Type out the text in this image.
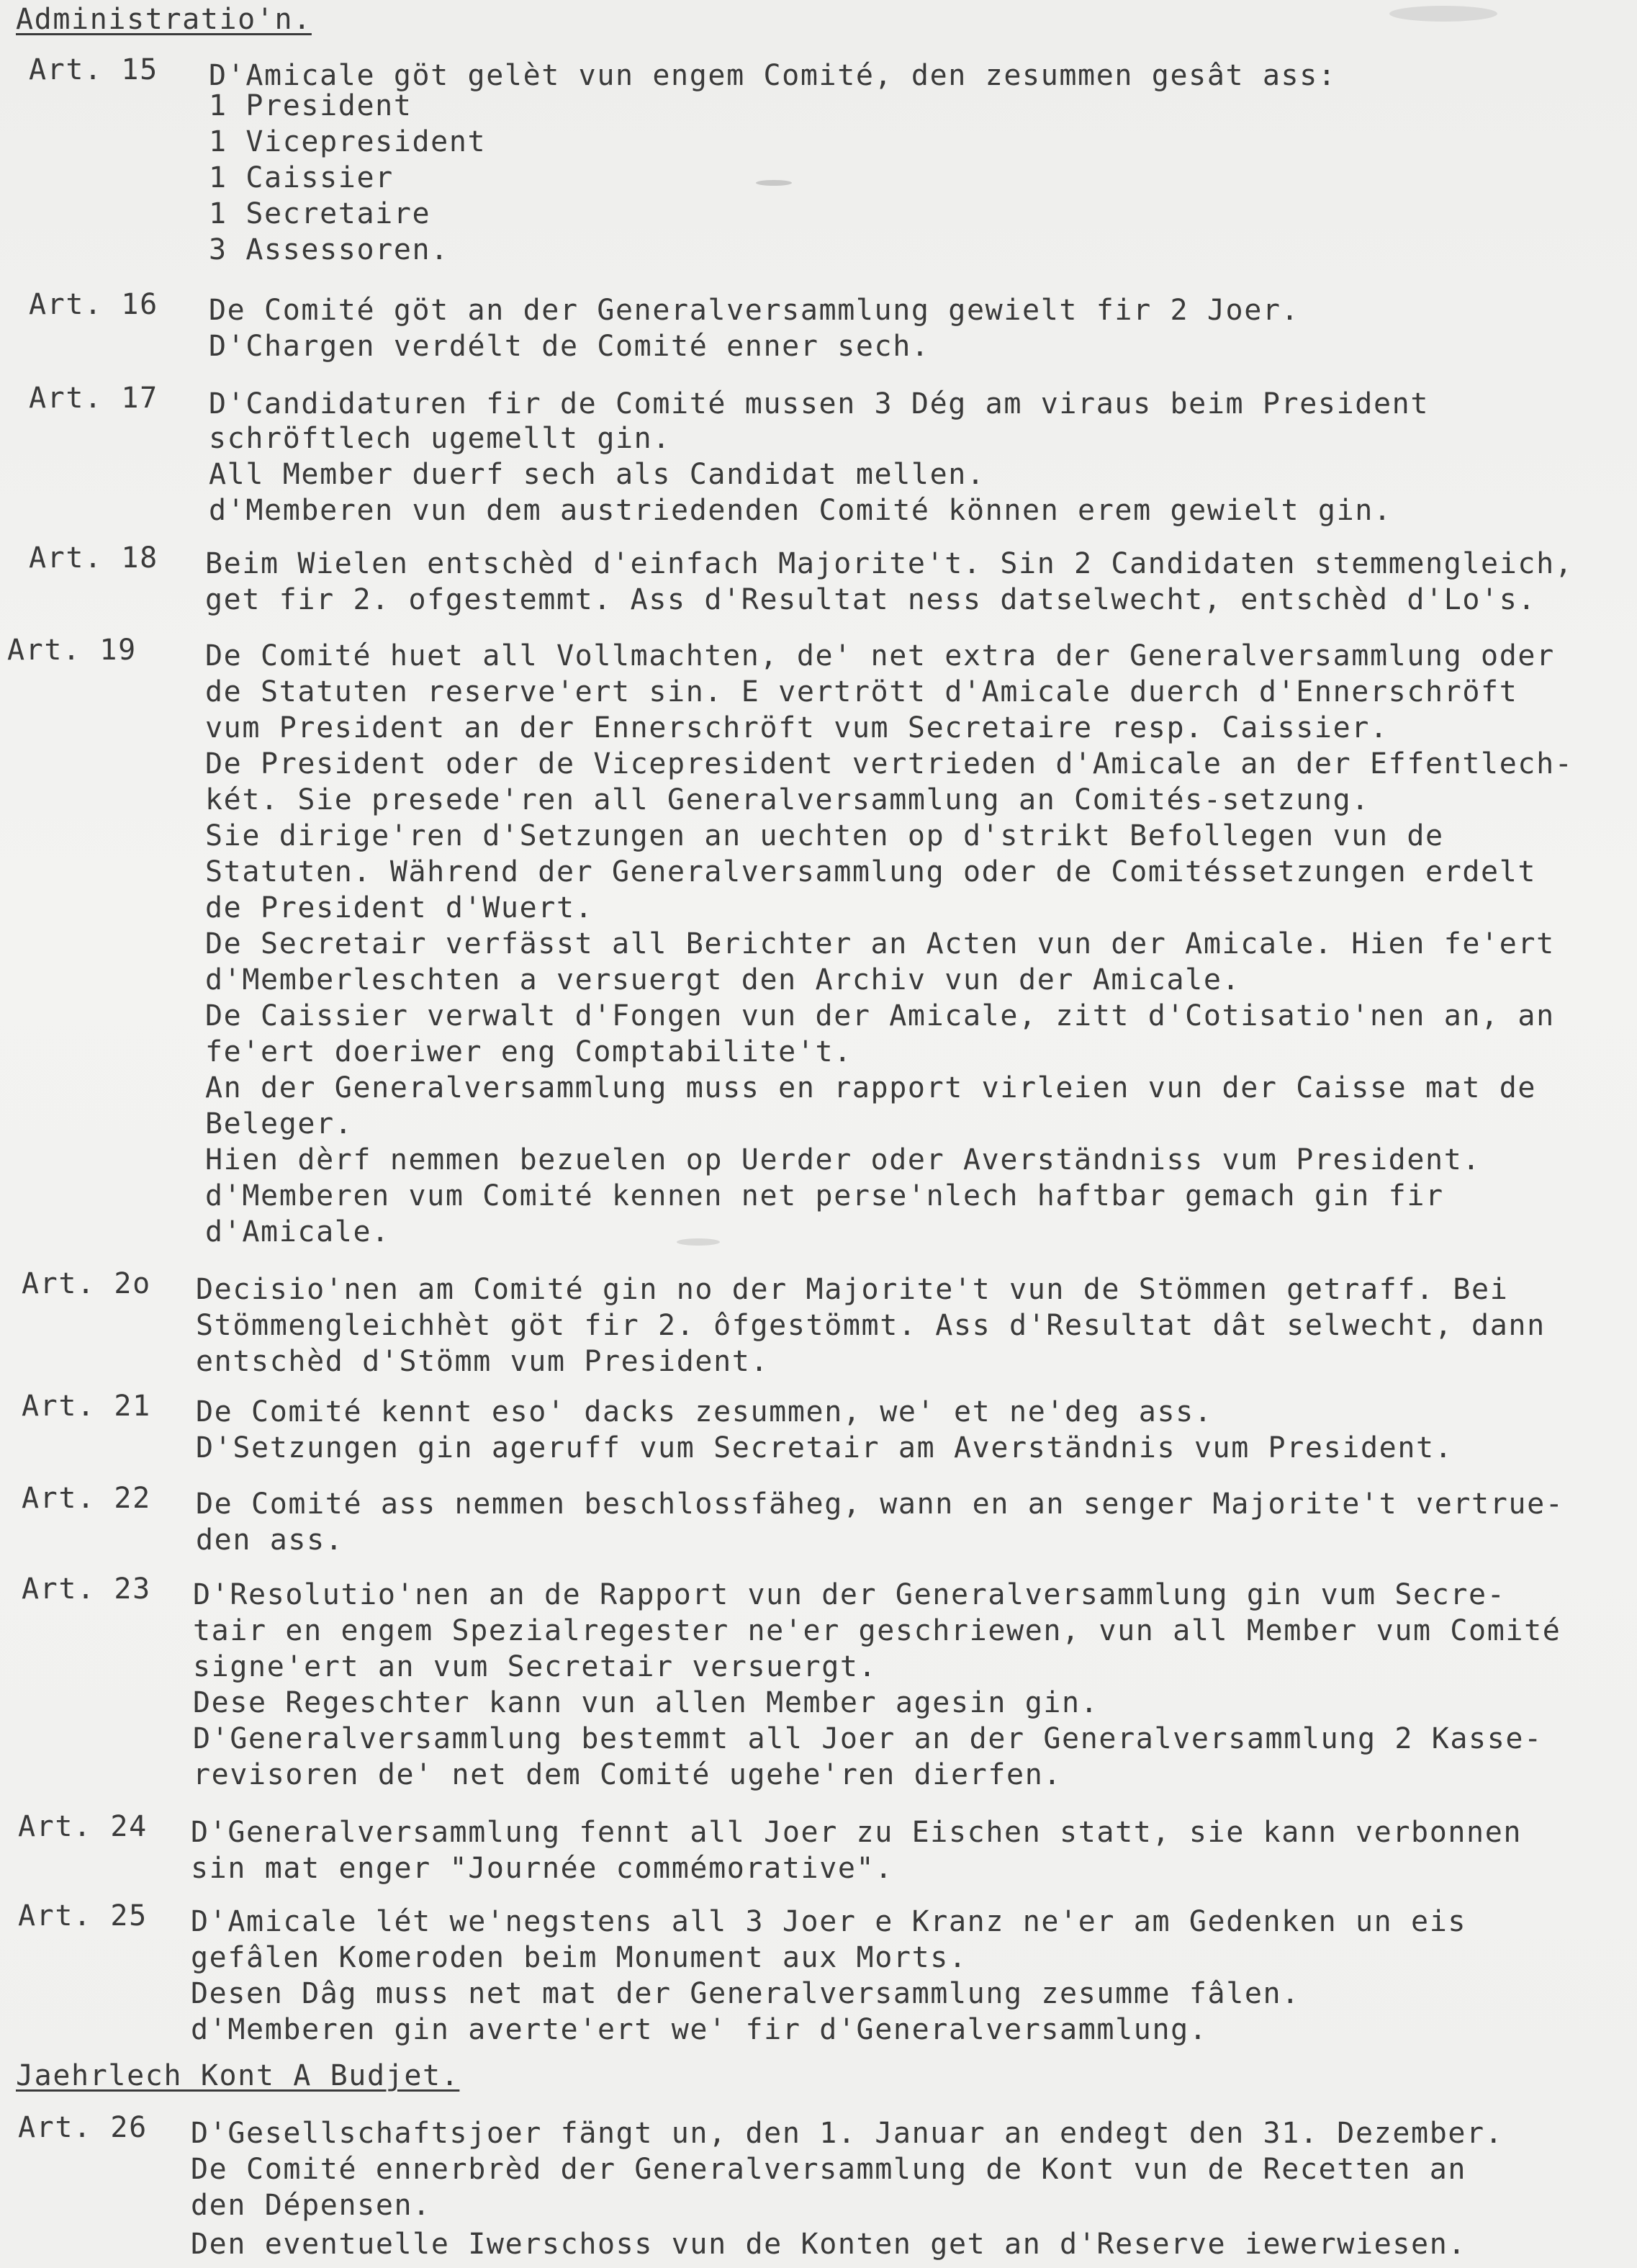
Administratio'n.
Art. 15 D'Amicale göt gelèt vun engem Comité, den zesummen gesât ass:
1 President
1 Vicepresident
1 Caissier
1 Secretaire
3 Assessoren.
Art. 16 De Comité göt an der Generalversammlung gewielt fir 2 Joer.
D'Chargen verdélt de Comité enner sech.
Art. 17 D'Candidaturen fir de Comité mussen 3 Dég am viraus beim President
schröftlech ugemellt gin.
All Member duerf sech als Candidat mellen.
d'Memberen vun dem austriedenden Comité können erem gewielt gin.
Art. 18 Beim Wielen entschèd d'einfach Majorite't. Sin 2 Candidaten stemmengleich,
get fir 2. ofgestemmt. Ass d'Resultat ness datselwecht, entschèd d'Lo's.
Art. 19 De Comité huet all Vollmachten, de' net extra der Generalversammlung oder
de Statuten reserve'ert sin. E vertrött d'Amicale duerch d'Ennerschröft
vum President an der Ennerschröft vum Secretaire resp. Caissier.
De President oder de Vicepresident vertrieden d'Amicale an der Effentlech-
két. Sie presede'ren all Generalversammlung an Comités-setzung.
Sie dirige'ren d'Setzungen an uechten op d'strikt Befollegen vun de
Statuten. Während der Generalversammlung oder de Comitéssetzungen erdelt
de President d'Wuert.
De Secretair verfässt all Berichter an Acten vun der Amicale. Hien fe'ert
d'Memberleschten a versuergt den Archiv vun der Amicale.
De Caissier verwalt d'Fongen vun der Amicale, zitt d'Cotisatio'nen an, an
fe'ert doeriwer eng Comptabilite't.
An der Generalversammlung muss en rapport virleien vun der Caisse mat de
Beleger.
Hien dèrf nemmen bezuelen op Uerder oder Averständniss vum President.
d'Memberen vum Comité kennen net perse'nlech haftbar gemach gin fir
d'Amicale.
Art. 2o Decisio'nen am Comité gin no der Majorite't vun de Stömmen getraff. Bei
Stömmengleichhèt göt fir 2. ôfgestömmt. Ass d'Resultat dât selwecht, dann
entschèd d'Stömm vum President.
Art. 21 De Comité kennt eso' dacks zesummen, we' et ne'deg ass.
D'Setzungen gin ageruff vum Secretair am Averständnis vum President.
Art. 22 De Comité ass nemmen beschlossfäheg, wann en an senger Majorite't vertrue-
den ass.
Art. 23 D'Resolutio'nen an de Rapport vun der Generalversammlung gin vum Secre-
tair en engem Spezialregester ne'er geschriewen, vun all Member vum Comité
signe'ert an vum Secretair versuergt.
Dese Regeschter kann vun allen Member agesin gin.
D'Generalversammlung bestemmt all Joer an der Generalversammlung 2 Kasse-
revisoren de' net dem Comité ugehe'ren dierfen.
Art. 24 D'Generalversammlung fennt all Joer zu Eischen statt, sie kann verbonnen
sin mat enger "Journée commémorative".
Art. 25 D'Amicale lét we'negstens all 3 Joer e Kranz ne'er am Gedenken un eis
gefâlen Komeroden beim Monument aux Morts.
Desen Dâg muss net mat der Generalversammlung zesumme fâlen.
d'Memberen gin averte'ert we' fir d'Generalversammlung.
Jaehrlech Kont A Budjet.
Art. 26 D'Gesellschaftsjoer fängt un, den 1. Januar an endegt den 31. Dezember.
De Comité ennerbrèd der Generalversammlung de Kont vun de Recetten an
den Dépensen.
Den eventuelle Iwerschoss vun de Konten get an d'Reserve iewerwiesen.
